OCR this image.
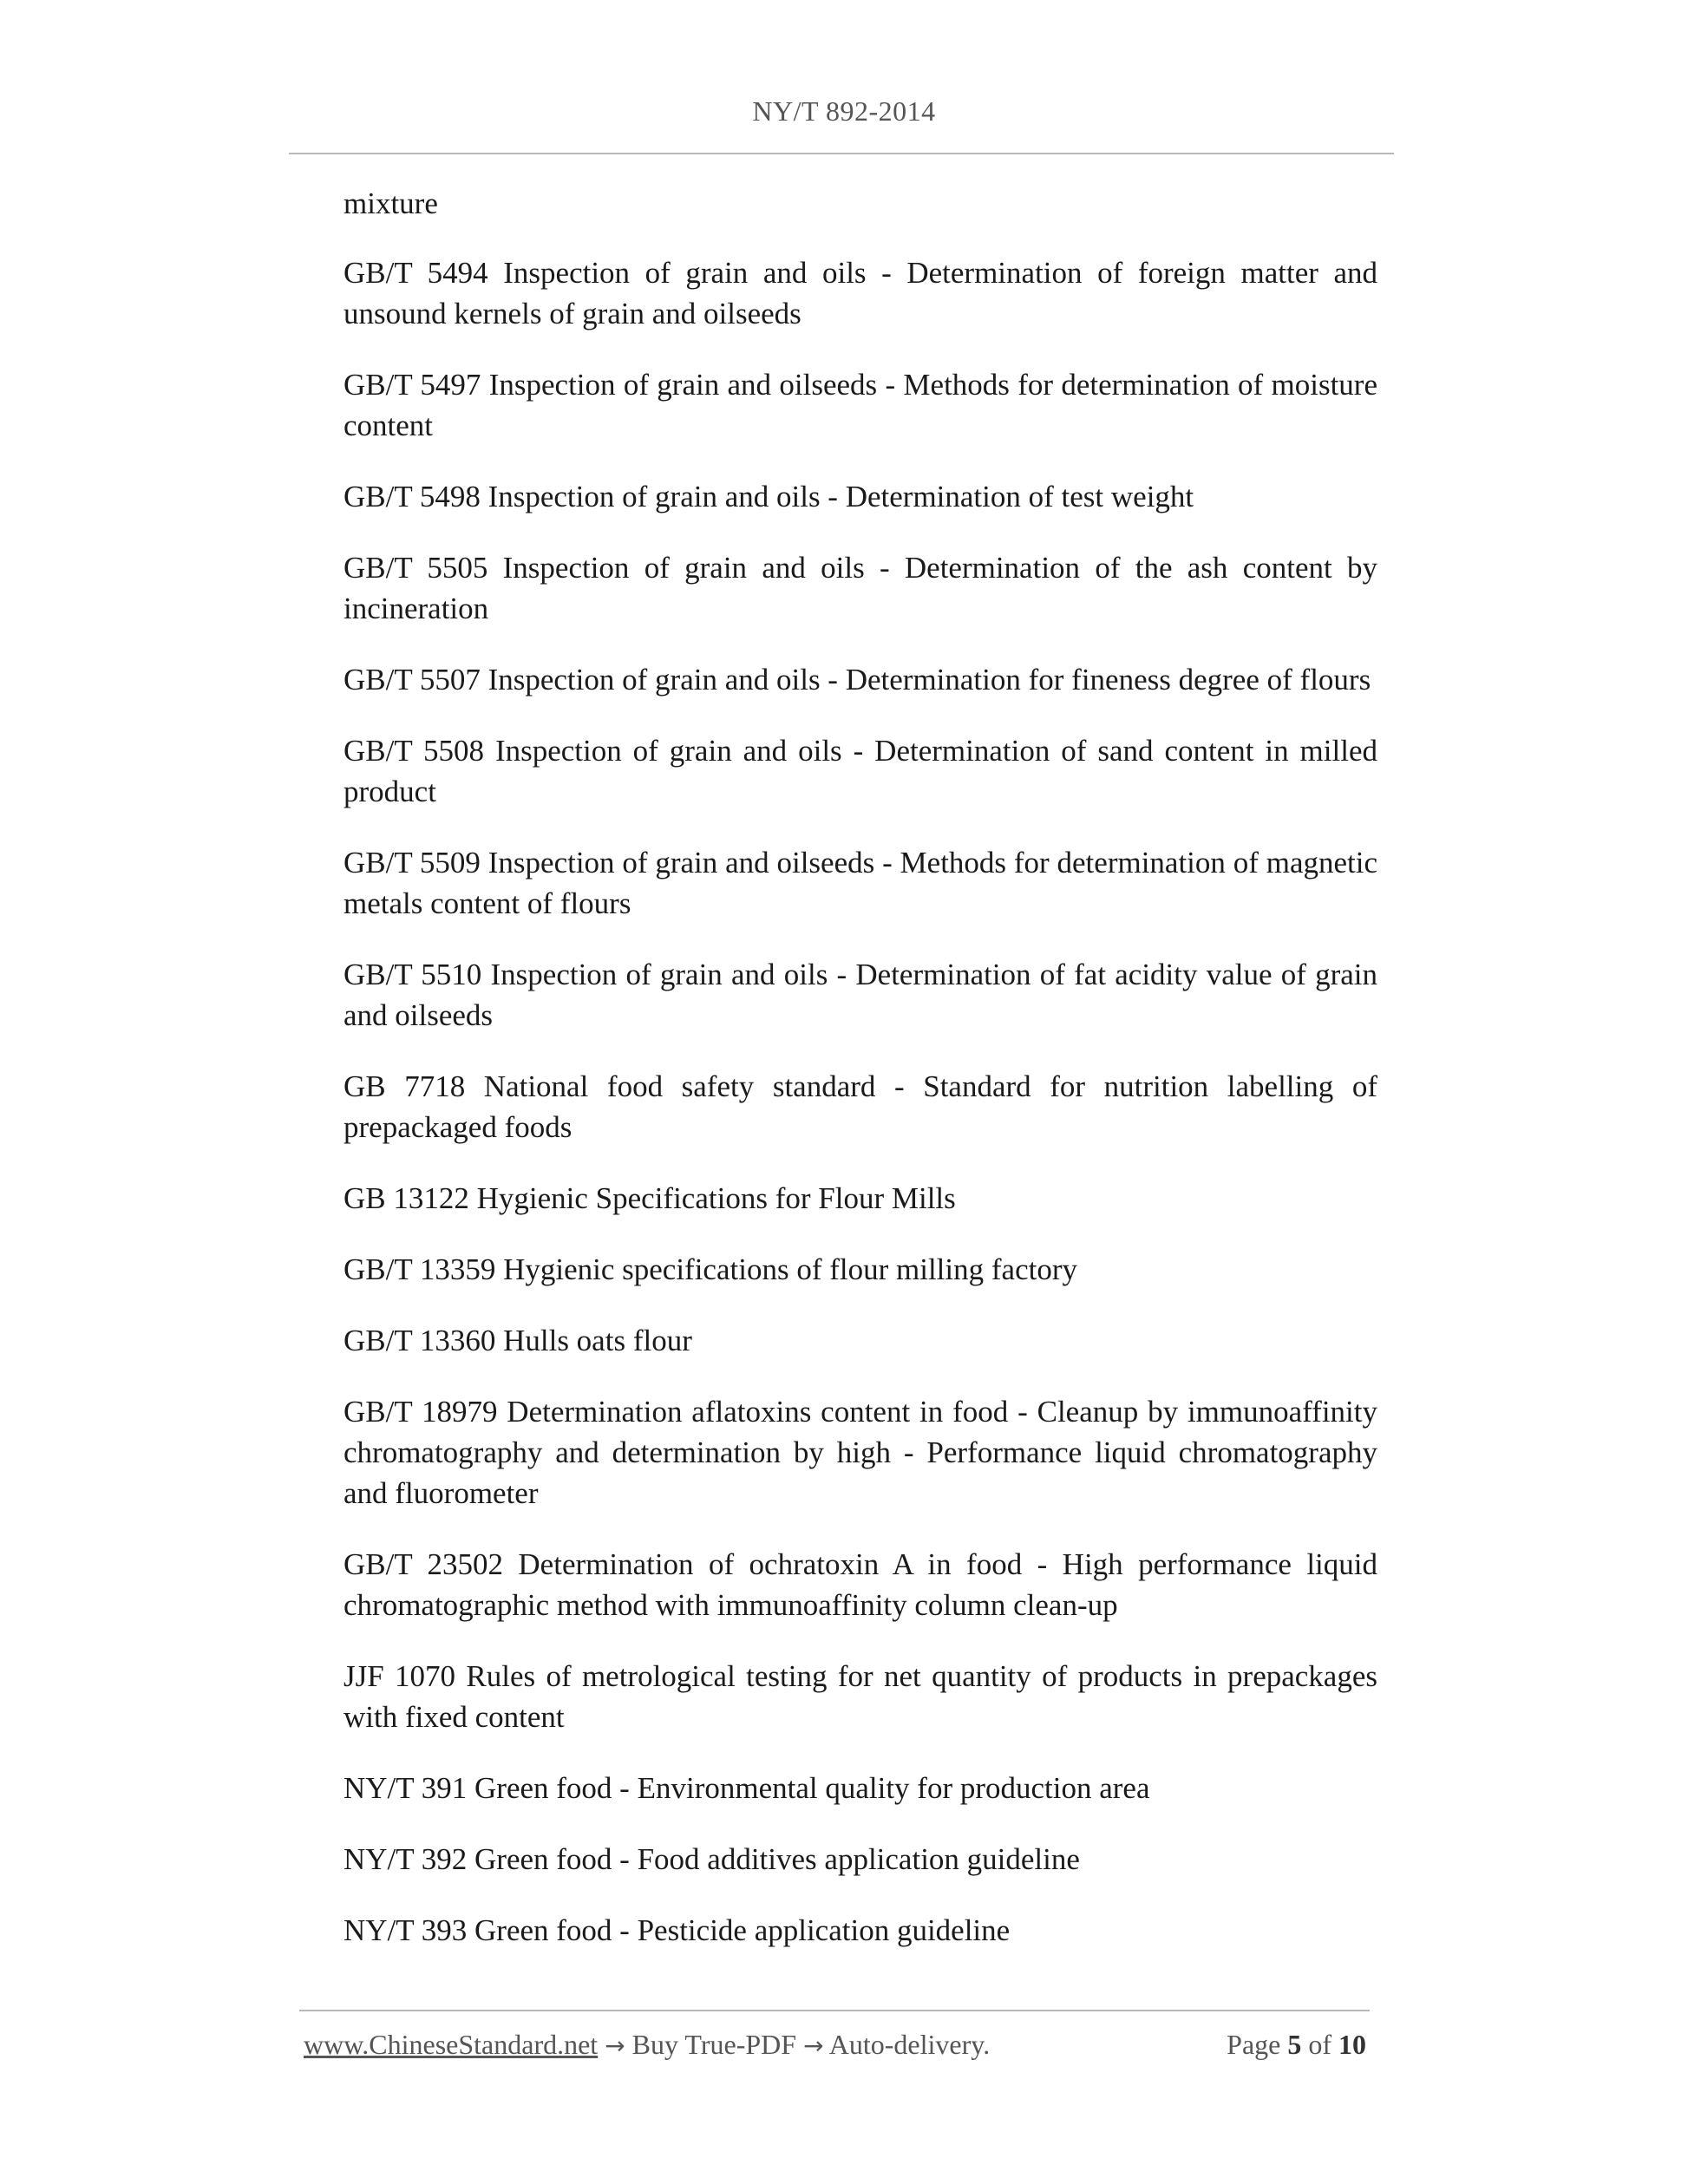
NY/T 892-2014

mixture

GB/T 5494 Inspection of grain and oils - Determination of foreign matter and unsound kernels of grain and oilseeds

GB/T 5497 Inspection of grain and oilseeds - Methods for determination of moisture content

GB/T 5498 Inspection of grain and oils - Determination of test weight

GB/T 5505 Inspection of grain and oils - Determination of the ash content by incineration

GB/T 5507 Inspection of grain and oils - Determination for fineness degree of flours

GB/T 5508 Inspection of grain and oils - Determination of sand content in milled product

GB/T 5509 Inspection of grain and oilseeds - Methods for determination of magnetic metals content of flours

GB/T 5510 Inspection of grain and oils - Determination of fat acidity value of grain and oilseeds

GB 7718 National food safety standard - Standard for nutrition labelling of prepackaged foods

GB 13122 Hygienic Specifications for Flour Mills

GB/T 13359 Hygienic specifications of flour milling factory

GB/T 13360 Hulls oats flour

GB/T 18979 Determination aflatoxins content in food - Cleanup by immunoaffinity chromatography and determination by high - Performance liquid chromatography and fluorometer

GB/T 23502 Determination of ochratoxin A in food - High performance liquid chromatographic method with immunoaffinity column clean-up

JJF 1070 Rules of metrological testing for net quantity of products in prepackages with fixed content

NY/T 391 Green food - Environmental quality for production area

NY/T 392 Green food - Food additives application guideline

NY/T 393 Green food - Pesticide application guideline

www.ChineseStandard.net → Buy True-PDF → Auto-delivery.	Page 5 of 10
